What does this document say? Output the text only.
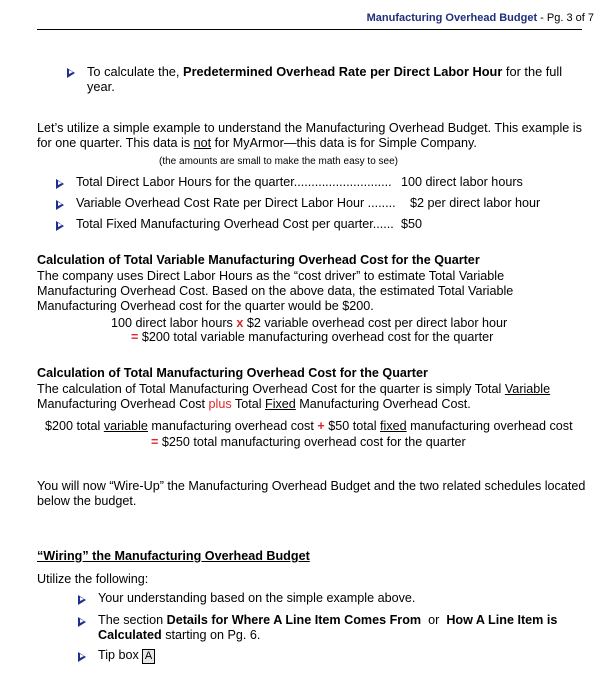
Manufacturing Overhead Budget - Pg. 3 of 7
To calculate the, Predetermined Overhead Rate per Direct Labor Hour for the full
year.
Let’s utilize a simple example to understand the Manufacturing Overhead Budget. This example is
for one quarter. This data is not for MyArmor—this data is for Simple Company.
(the amounts are small to make the math easy to see)
Total Direct Labor Hours for the quarter............................ 100 direct labor hours
Variable Overhead Cost Rate per Direct Labor Hour ........ $2 per direct labor hour
Total Fixed Manufacturing Overhead Cost per quarter...... $50
Calculation of Total Variable Manufacturing Overhead Cost for the Quarter
The company uses Direct Labor Hours as the “cost driver” to estimate Total Variable
Manufacturing Overhead Cost. Based on the above data, the estimated Total Variable
Manufacturing Overhead cost for the quarter would be $200.
100 direct labor hours x $2 variable overhead cost per direct labor hour
= $200 total variable manufacturing overhead cost for the quarter
Calculation of Total Manufacturing Overhead Cost for the Quarter
The calculation of Total Manufacturing Overhead Cost for the quarter is simply Total Variable
Manufacturing Overhead Cost plus Total Fixed Manufacturing Overhead Cost.
$200 total variable manufacturing overhead cost + $50 total fixed manufacturing overhead cost
= $250 total manufacturing overhead cost for the quarter
You will now “Wire-Up” the Manufacturing Overhead Budget and the two related schedules located
below the budget.
“Wiring” the Manufacturing Overhead Budget
Utilize the following:
Your understanding based on the simple example above.
The section Details for Where A Line Item Comes From  or  How A Line Item is
Calculated starting on Pg. 6.
Tip box A
